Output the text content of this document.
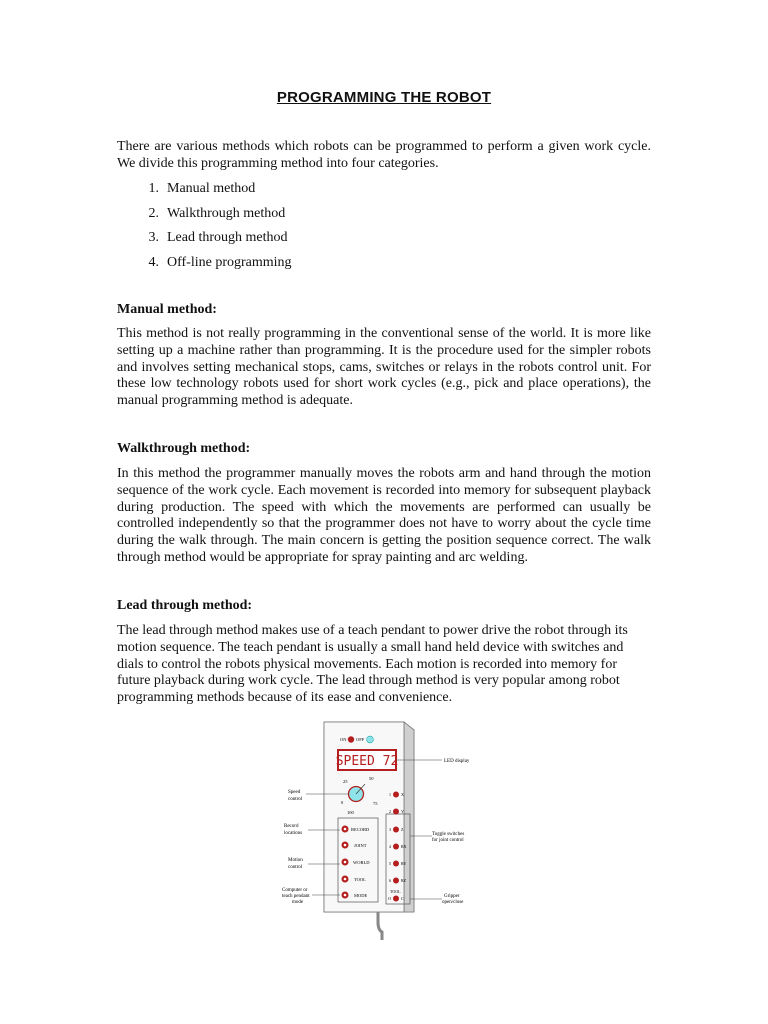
PROGRAMMING THE ROBOT

There are various methods which robots can be programmed to perform a given work cycle. We divide this programming method into four categories.

1. Manual method
2. Walkthrough method
3. Lead through method
4. Off-line programming
Manual method:

This method is not really programming in the conventional sense of the world. It is more like setting up a machine rather than programming. It is the procedure used for the simpler robots and involves setting mechanical stops, cams, switches or relays in the robots control unit. For these low technology robots used for short work cycles (e.g., pick and place operations), the manual programming method is adequate.

Walkthrough method:

In this method the programmer manually moves the robots arm and hand through the motion sequence of the work cycle. Each movement is recorded into memory for subsequent playback during production. The speed with which the movements are performed can usually be controlled independently so that the programmer does not have to worry about the cycle time during the walk through. The main concern is getting the position sequence correct. The walk through method would be appropriate for spray painting and arc welding.

Lead through method:

The lead through method makes use of a teach pendant to power drive the robot through its motion sequence. The teach pendant is usually a small hand held device with switches and dials to control the robots physical movements. Each motion is recorded into memory for future playback during work cycle. The lead through method is very popular among robot programming methods because of its ease and convenience.

ON OFF
SPEED 72	LED display
25
50
0	75
100
Speed
control
RECORD
JOINT
WORLD
TOOL
MODE
1	X
2	Y
3	Z
4	RX
5	RY
6	RZ
TOOL
O	C
Record
locations
Motion
control
Computer or
teach pendant
mode
Toggle switches
for joint control
Gripper
open/close
